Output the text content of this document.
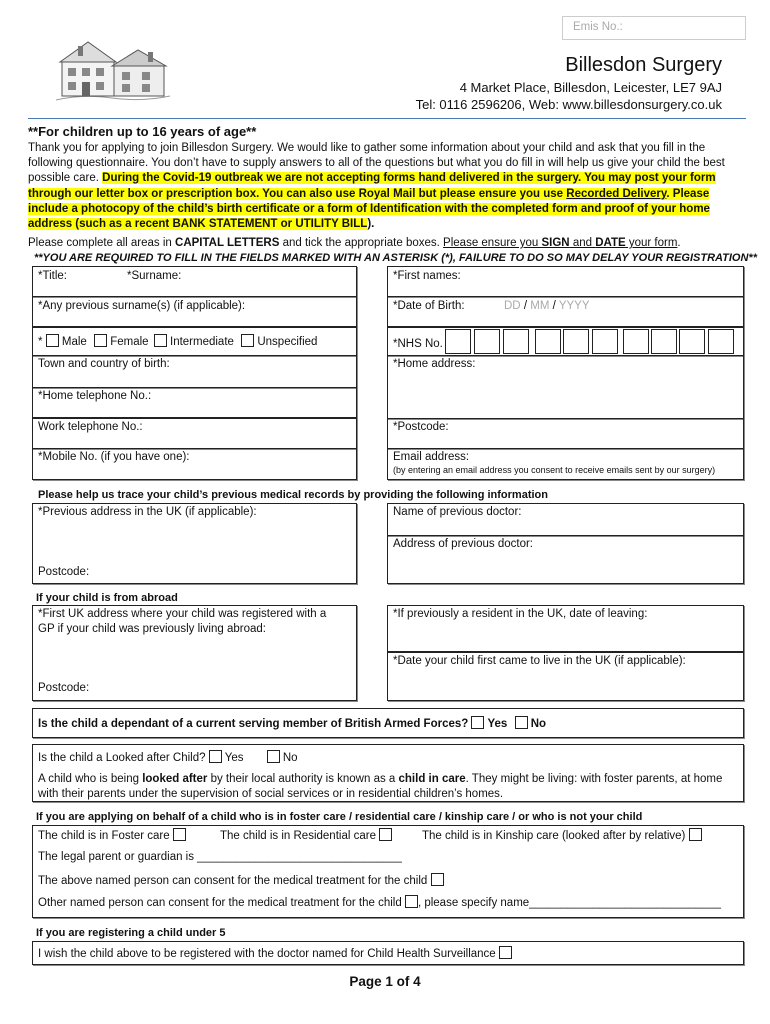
Emis No.:
Billesdon Surgery
4 Market Place, Billesdon, Leicester, LE7 9AJ
Tel: 0116 2596206, Web: www.billesdonsurgery.co.uk
**For children up to 16 years of age**
Thank you for applying to join Billesdon Surgery. We would like to gather some information about your child and ask that you fill in the following questionnaire. You don’t have to supply answers to all of the questions but what you do fill in will help us give your child the best possible care. During the Covid-19 outbreak we are not accepting forms hand delivered in the surgery. You may post your form through our letter box or prescription box. You can also use Royal Mail but please ensure you use Recorded Delivery. Please include a photocopy of the child’s birth certificate or a form of Identification with the completed form and proof of your home address (such as a recent BANK STATEMENT or UTILITY BILL).
Please complete all areas in CAPITAL LETTERS and tick the appropriate boxes. Please ensure you SIGN and DATE your form.
**YOU ARE REQUIRED TO FILL IN THE FIELDS MARKED WITH AN ASTERISK (*), FAILURE TO DO SO MAY DELAY YOUR REGISTRATION**
*Title:	*Surname:	*First names:
*Any previous surname(s) (if applicable):	*Date of Birth:	DD / MM / YYYY
* Male Female Intermediate Unspecified	*NHS No.
Town and country of birth:	*Home address:
*Home telephone No.:
Work telephone No.:	*Postcode:
*Mobile No. (if you have one):	Email address:
(by entering an email address you consent to receive emails sent by our surgery)
Please help us trace your child’s previous medical records by providing the following information
*Previous address in the UK (if applicable):
Postcode:
Name of previous doctor:
Address of previous doctor:
If your child is from abroad
*First UK address where your child was registered with a
GP if your child was previously living abroad:
Postcode:
*If previously a resident in the UK, date of leaving:
*Date your child first came to live in the UK (if applicable):
Is the child a dependant of a current serving member of British Armed Forces? Yes No
Is the child a Looked after Child? Yes	No
A child who is being looked after by their local authority is known as a child in care. They might be living: with foster parents, at home with their parents under the supervision of social services or in residential children’s homes.
If you are applying on behalf of a child who is in foster care / residential care / kinship care / or who is not your child
The child is in Foster care	The child is in Residential care	The child is in Kinship care (looked after by relative)
The legal parent or guardian is ________________________________
The above named person can consent for the medical treatment for the child
Other named person can consent for the medical treatment for the child , please specify name______________________________
If you are registering a child under 5
I wish the child above to be registered with the doctor named for Child Health Surveillance
Page 1 of 4
